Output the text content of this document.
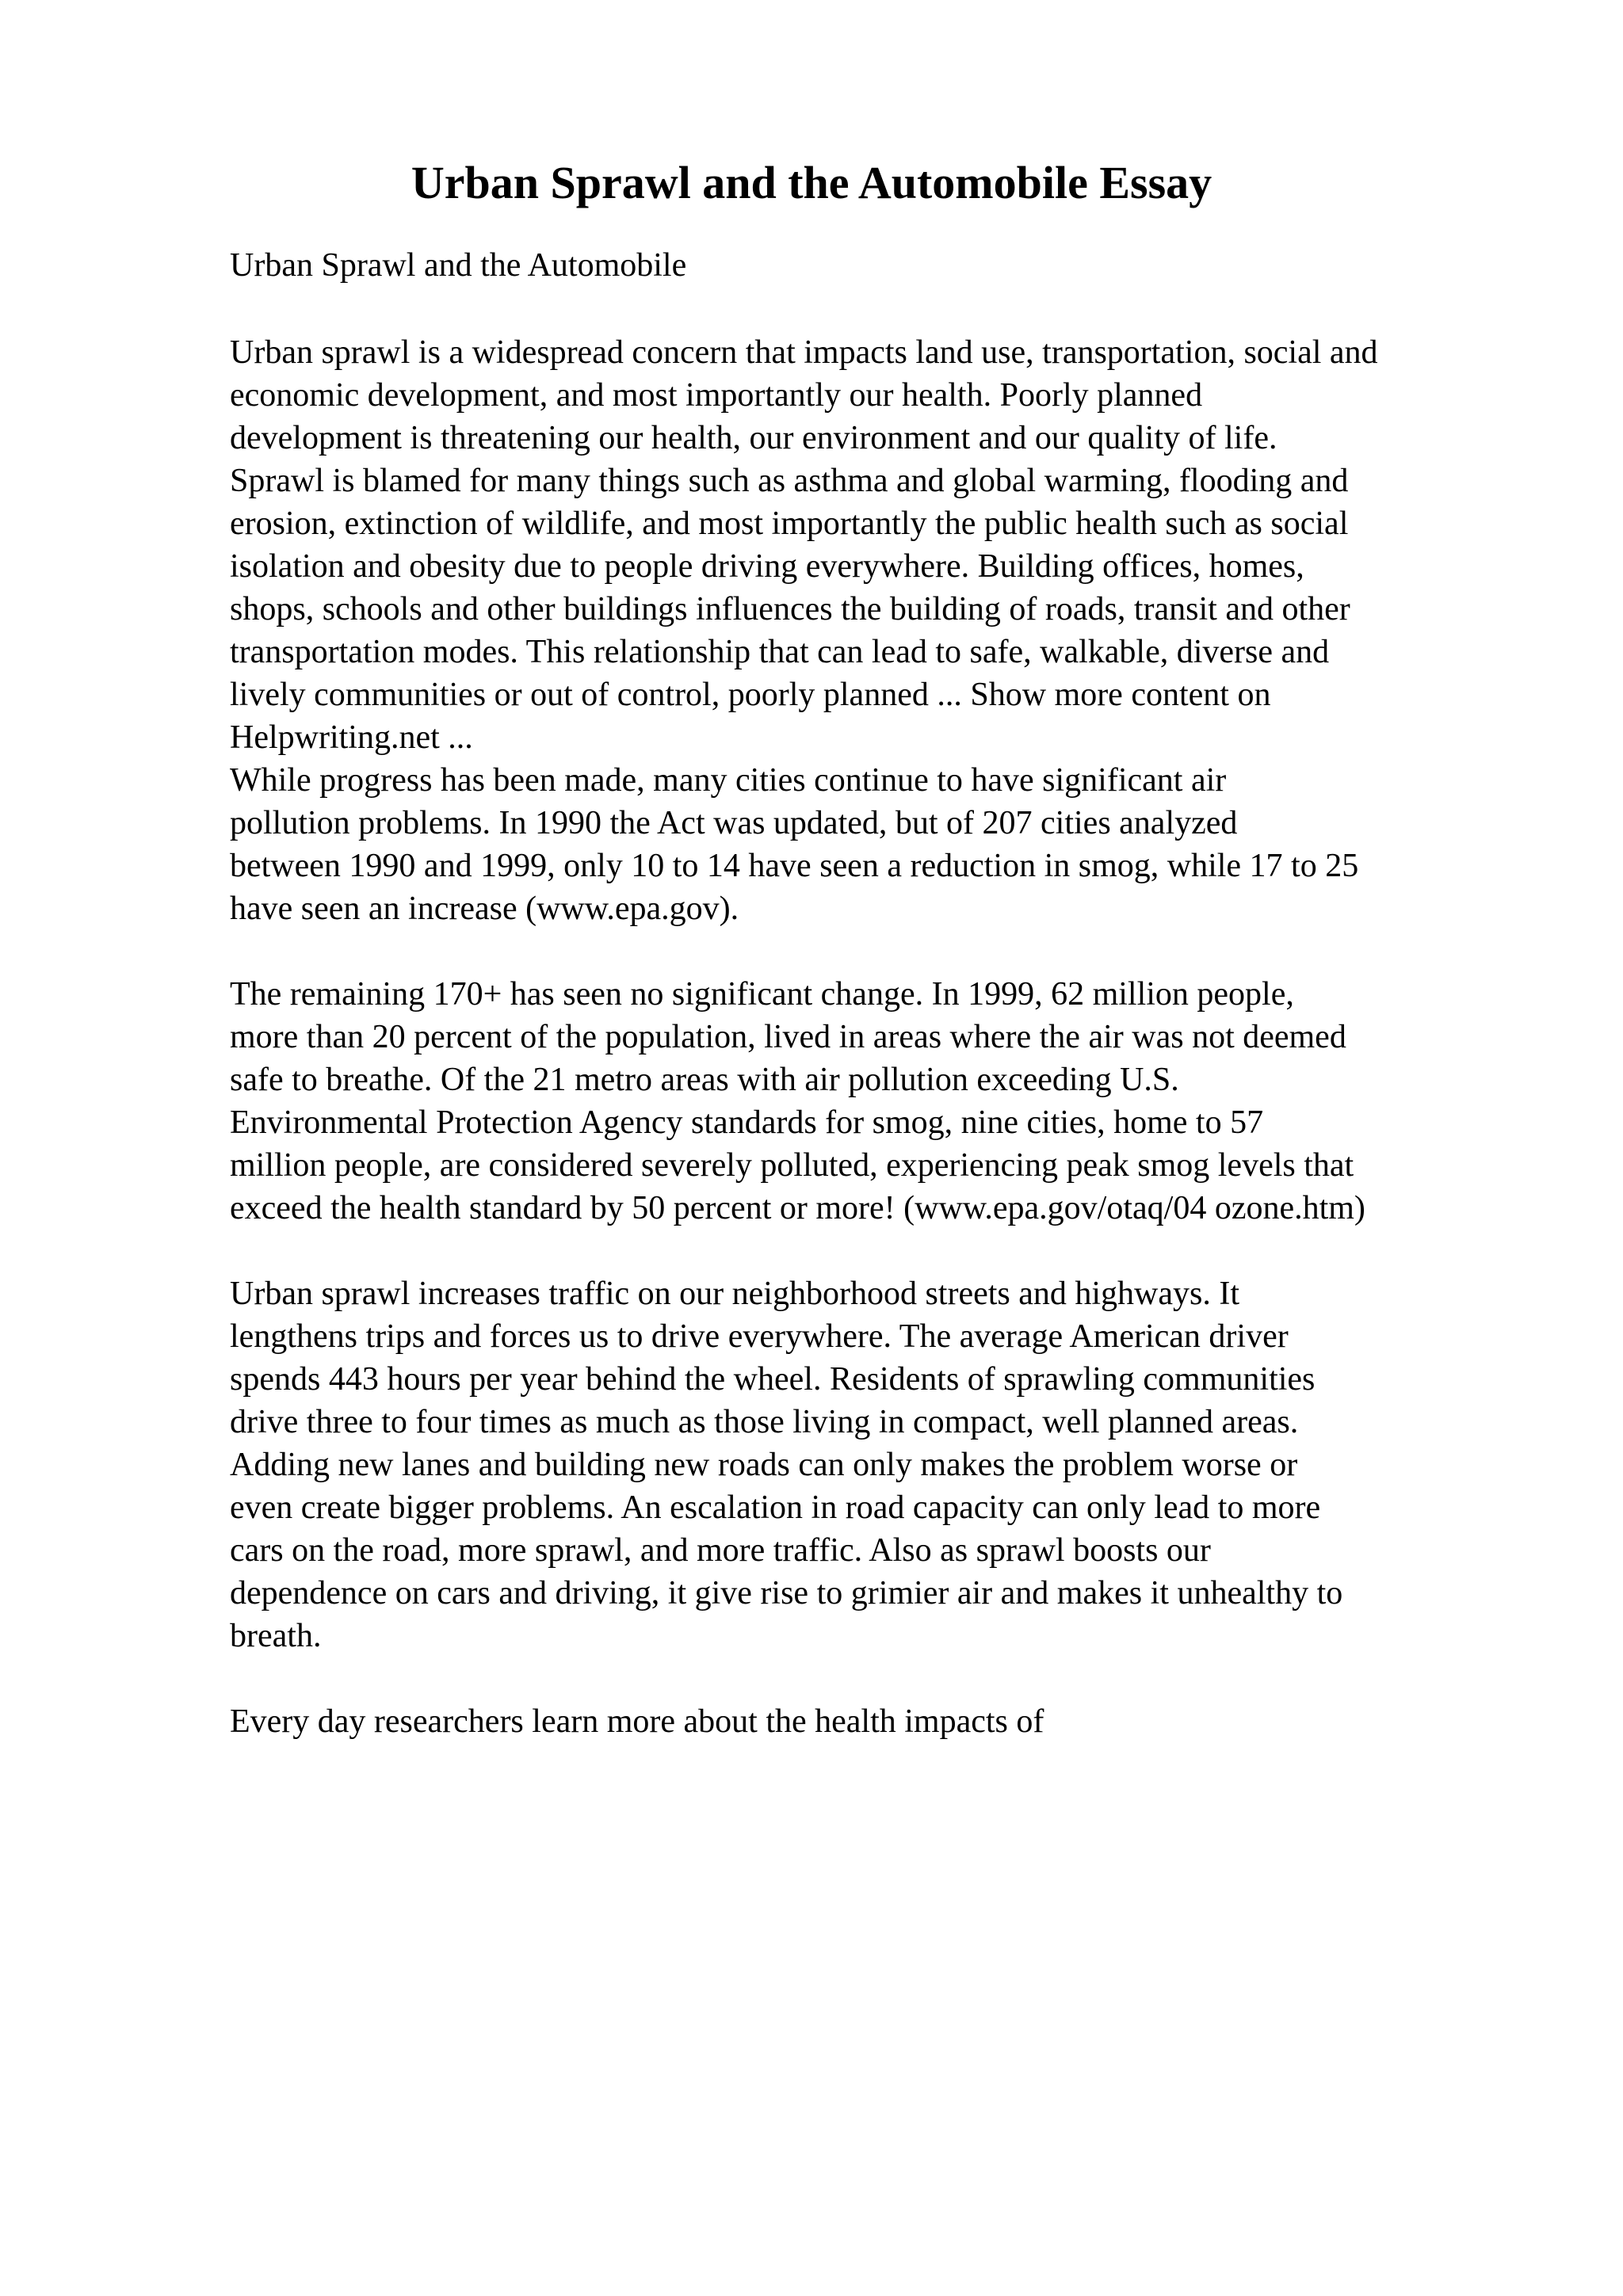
Urban Sprawl and the Automobile Essay

Urban Sprawl and the Automobile

Urban sprawl is a widespread concern that impacts land use, transportation, social and
economic development, and most importantly our health. Poorly planned
development is threatening our health, our environment and our quality of life.
Sprawl is blamed for many things such as asthma and global warming, flooding and
erosion, extinction of wildlife, and most importantly the public health such as social
isolation and obesity due to people driving everywhere. Building offices, homes,
shops, schools and other buildings influences the building of roads, transit and other
transportation modes. This relationship that can lead to safe, walkable, diverse and
lively communities or out of control, poorly planned ... Show more content on
Helpwriting.net ...

While progress has been made, many cities continue to have significant air
pollution problems. In 1990 the Act was updated, but of 207 cities analyzed
between 1990 and 1999, only 10 to 14 have seen a reduction in smog, while 17 to 25
have seen an increase (www.epa.gov).

The remaining 170+ has seen no significant change. In 1999, 62 million people,
more than 20 percent of the population, lived in areas where the air was not deemed
safe to breathe. Of the 21 metro areas with air pollution exceeding U.S.
Environmental Protection Agency standards for smog, nine cities, home to 57
million people, are considered severely polluted, experiencing peak smog levels that
exceed the health standard by 50 percent or more! (www.epa.gov/otaq/04 ozone.htm)

Urban sprawl increases traffic on our neighborhood streets and highways. It
lengthens trips and forces us to drive everywhere. The average American driver
spends 443 hours per year behind the wheel. Residents of sprawling communities
drive three to four times as much as those living in compact, well planned areas.
Adding new lanes and building new roads can only makes the problem worse or
even create bigger problems. An escalation in road capacity can only lead to more
cars on the road, more sprawl, and more traffic. Also as sprawl boosts our
dependence on cars and driving, it give rise to grimier air and makes it unhealthy to
breath.

Every day researchers learn more about the health impacts of
